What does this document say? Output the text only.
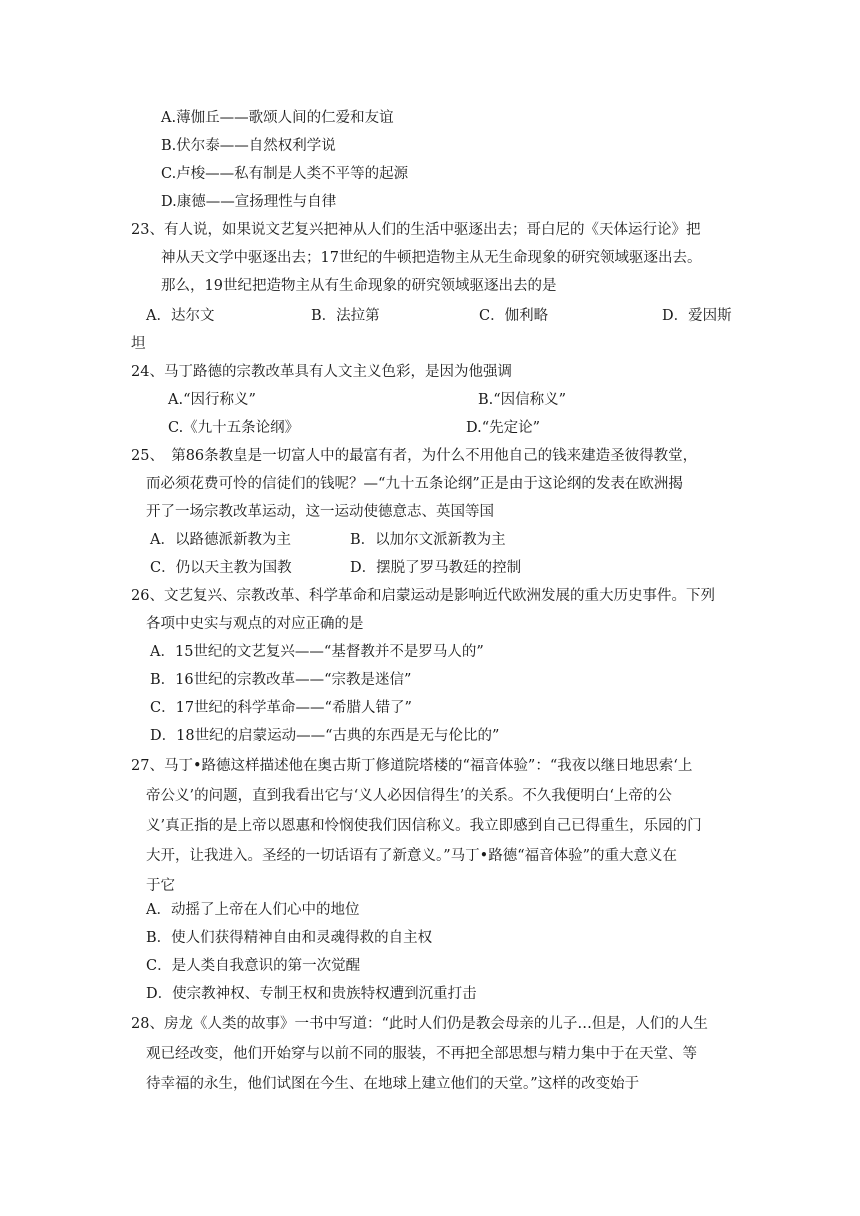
A.薄伽丘——歌颂人间的仁爱和友谊
B.伏尔泰——自然权利学说
C.卢梭——私有制是人类不平等的起源
D.康德——宣扬理性与自律
23、有人说，如果说文艺复兴把神从人们的生活中驱逐出去；哥白尼的《天体运行论》把
神从天文学中驱逐出去；17世纪的牛顿把造物主从无生命现象的研究领域驱逐出去。
那么，19世纪把造物主从有生命现象的研究领域驱逐出去的是
A．达尔文	B．法拉第	C．伽利略	D．爱因斯
坦
24、马丁路德的宗教改革具有人文主义色彩，是因为他强调
A.“因行称义”	B.“因信称义”
C.《九十五条论纲》	D.“先定论”
25、　第86条教皇是一切富人中的最富有者，为什么不用他自己的钱来建造圣彼得教堂，
而必须花费可怜的信徒们的钱呢？—“九十五条论纲”正是由于这论纲的发表在欧洲揭
开了一场宗教改革运动，这一运动使德意志、英国等国
A．以路德派新教为主	B．以加尔文派新教为主
C．仍以天主教为国教	D．摆脱了罗马教廷的控制
26、文艺复兴、宗教改革、科学革命和启蒙运动是影响近代欧洲发展的重大历史事件。下列
各项中史实与观点的对应正确的是
A．15世纪的文艺复兴——“基督教并不是罗马人的”
B．16世纪的宗教改革——“宗教是迷信”
C．17世纪的科学革命——“希腊人错了”
D．18世纪的启蒙运动——“古典的东西是无与伦比的”
27、马丁•路德这样描述他在奥古斯丁修道院塔楼的“福音体验”：“我夜以继日地思索‘上
帝公义’的问题，直到我看出它与‘义人必因信得生’的关系。不久我便明白‘上帝的公
义’真正指的是上帝以恩惠和怜悯使我们因信称义。我立即感到自己已得重生，乐园的门
大开，让我进入。圣经的一切话语有了新意义。”马丁•路德“福音体验”的重大意义在
于它
A．动摇了上帝在人们心中的地位
B．使人们获得精神自由和灵魂得救的自主权
C．是人类自我意识的第一次觉醒
D．使宗教神权、专制王权和贵族特权遭到沉重打击
28、房龙《人类的故事》一书中写道：“此时人们仍是教会母亲的儿子…但是，人们的人生
观已经改变，他们开始穿与以前不同的服装，不再把全部思想与精力集中于在天堂、等
待幸福的永生，他们试图在今生、在地球上建立他们的天堂。”这样的改变始于
